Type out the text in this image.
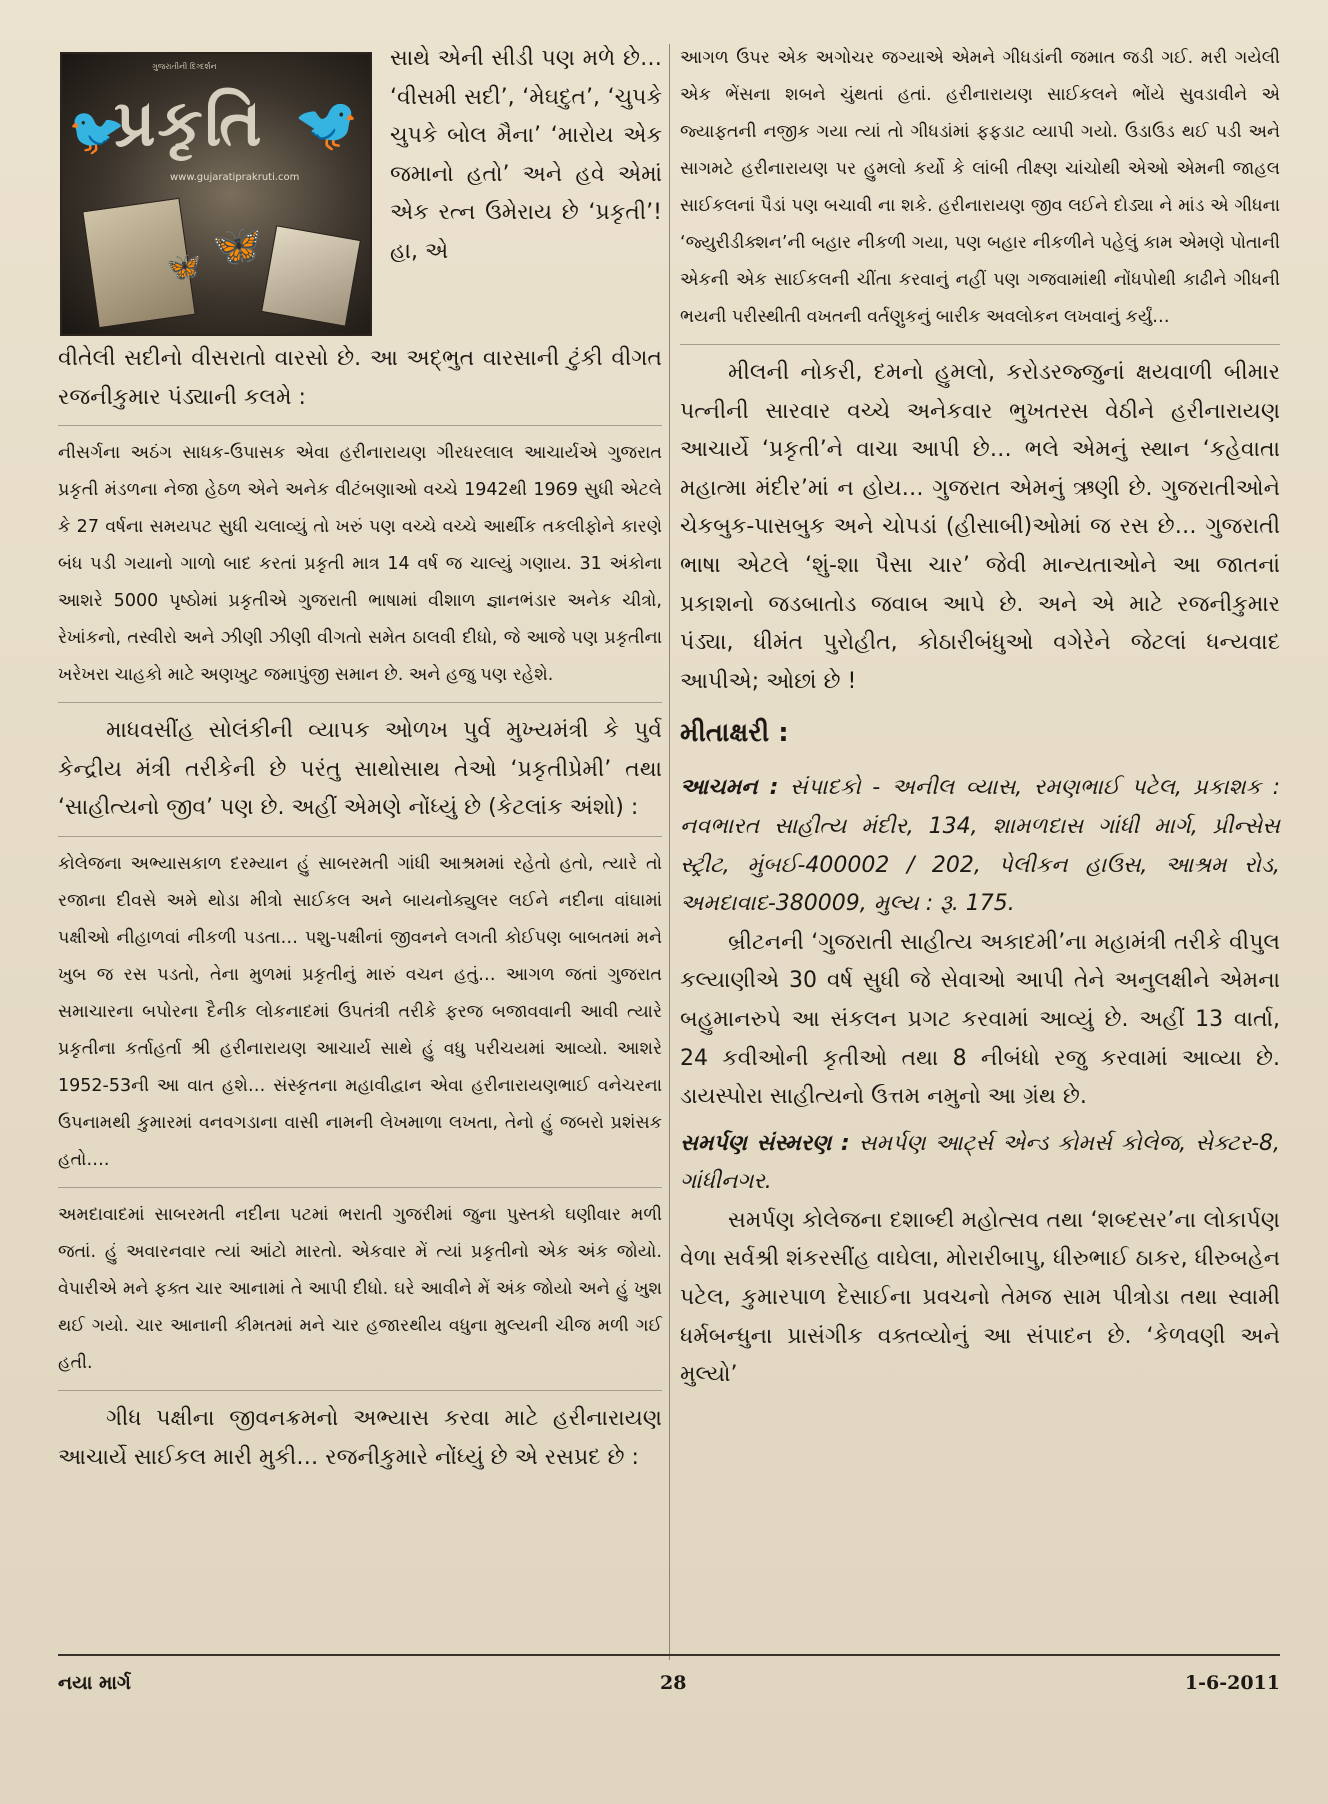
ગુજરાતીની દિગ્દર્શન
🐦	🐦
પ્રકૃતિ
www.gujaratiprakruti.com
🦋
🦋

સાથે એની સીડી પણ મળે છે… ‘વીસમી સદી’, ‘મેઘદુત’, ‘ચુપકે ચુપકે બોલ મૈના’ ‘મારોય એક જમાનો હતો’ અને હવે એમાં એક રત્ન ઉમેરાય છે ‘પ્રકૃતી’! હા, એ

વીતેલી સદીનો વીસરાતો વારસો છે. આ અદ્ભુત વારસાની ટુંકી વીગત રજનીકુમાર પંડ્યાની કલમે :

નીસર્ગના અઠંગ સાધક-ઉપાસક એવા હરીનારાયણ ગીરધરલાલ આચાર્યએ ગુજરાત પ્રકૃતી મંડળના નેજા હેઠળ એને અનેક વીટંબણાઓ વચ્ચે 1942થી 1969 સુધી એટલે કે 27 વર્ષના સમયપટ સુધી ચલાવ્યું તો ખરું પણ વચ્ચે વચ્ચે આર્થીક તકલીફોને કારણે બંધ પડી ગયાનો ગાળો બાદ કરતાં પ્રકૃતી માત્ર 14 વર્ષ જ ચાલ્યું ગણાય. 31 અંકોના આશરે 5000 પૃષ્ઠોમાં પ્રકૃતીએ ગુજરાતી ભાષામાં વીશાળ જ્ઞાનભંડાર અનેક ચીત્રો, રેખાંકનો, તસ્વીરો અને ઝીણી ઝીણી વીગતો સમેત ઠાલવી દીધો, જે આજે પણ પ્રકૃતીના ખરેખરા ચાહકો માટે અણખુટ જમાપુંજી સમાન છે. અને હજુ પણ રહેશે.

માધવસીંહ સોલંકીની વ્યાપક ઓળખ પુર્વ મુખ્યમંત્રી કે પુર્વ કેન્દ્રીય મંત્રી તરીકેની છે પરંતુ સાથોસાથ તેઓ ‘પ્રકૃતીપ્રેમી’ તથા ‘સાહીત્યનો જીવ’ પણ છે. અહીં એમણે નોંધ્યું છે (કેટલાંક અંશો) :

કોલેજના અભ્યાસકાળ દરમ્યાન હું સાબરમતી ગાંધી આશ્રમમાં રહેતો હતો, ત્યારે તો રજાના દીવસે અમે થોડા મીત્રો સાઈકલ અને બાયનોક્યુલર લઈને નદીના વાંઘામાં પક્ષીઓ નીહાળવાં નીકળી પડતા… પશુ-પક્ષીનાં જીવનને લગતી કોઈપણ બાબતમાં મને ખુબ જ રસ પડતો, તેના મુળમાં પ્રકૃતીનું મારું વચન હતું… આગળ જતાં ગુજરાત સમાચારના બપોરના દૈનીક લોકનાદમાં ઉપતંત્રી તરીકે ફરજ બજાવવાની આવી ત્યારે પ્રકૃતીના કર્તાહર્તા શ્રી હરીનારાયણ આચાર્ય સાથે હું વધુ પરીચયમાં આવ્યો. આશરે 1952-53ની આ વાત હશે… સંસ્કૃતના મહાવીદ્વાન એવા હરીનારાયણભાઈ વનેચરના ઉપનામથી કુમારમાં વનવગડાના વાસી નામની લેખમાળા લખતા, તેનો હું જબરો પ્રશંસક હતો….

અમદાવાદમાં સાબરમતી નદીના પટમાં ભરાતી ગુજરીમાં જુના પુસ્તકો ઘણીવાર મળી જતાં. હું અવારનવાર ત્યાં આંટો મારતો. એકવાર મેં ત્યાં પ્રકૃતીનો એક અંક જોયો. વેપારીએ મને ફક્ત ચાર આનામાં તે આપી દીધો. ઘરે આવીને મેં અંક જોયો અને હું ખુશ થઈ ગયો. ચાર આનાની કીમતમાં મને ચાર હજારથીય વધુના મુલ્યની ચીજ મળી ગઈ હતી.

ગીધ પક્ષીના જીવનક્રમનો અભ્યાસ કરવા માટે હરીનારાયણ આચાર્યે સાઈકલ મારી મુકી… રજનીકુમારે નોંધ્યું છે એ રસપ્રદ છે :

આગળ ઉપર એક અગોચર જગ્યાએ એમને ગીધડાંની જમાત જડી ગઈ. મરી ગયેલી એક ભેંસના શબને ચુંથતાં હતાં. હરીનારાયણ સાઈકલને ભોંયે સુવડાવીને એ જ્યાફતની નજીક ગયા ત્યાં તો ગીધડાંમાં ફફડાટ વ્યાપી ગયો. ઉડાઉડ થઈ પડી અને સાગમટે હરીનારાયણ પર હુમલો કર્યો કે લાંબી તીક્ષ્ણ ચાંચોથી એઓ એમની જાહલ સાઈકલનાં પૈડાં પણ બચાવી ના શકે. હરીનારાયણ જીવ લઈને દોડ્યા ને માંડ એ ગીધના ‘જ્યુરીડીક્શન’ની બહાર નીકળી ગયા, પણ બહાર નીકળીને પહેલું કામ એમણે પોતાની એકની એક સાઈકલની ચીંતા કરવાનું નહીં પણ ગજવામાંથી નોંધપોથી કાઢીને ગીધની ભયની પરીસ્થીતી વખતની વર્તણુકનું બારીક અવલોકન લખવાનું કર્યું…

મીલની નોકરી, દમનો હુમલો, કરોડરજ્જુનાં ક્ષયવાળી બીમાર પત્નીની સારવાર વચ્ચે અનેકવાર ભુખતરસ વેઠીને હરીનારાયણ આચાર્યે ‘પ્રકૃતી’ને વાચા આપી છે… ભલે એમનું સ્થાન ‘કહેવાતા મહાત્મા મંદીર’માં ન હોય… ગુજરાત એમનું ઋણી છે. ગુજરાતીઓને ચેકબુક-પાસબુક અને ચોપડાં (હીસાબી)ઓમાં જ રસ છે… ગુજરાતી ભાષા એટલે ‘શું-શા પૈસા ચાર’ જેવી માન્યતાઓને આ જાતનાં પ્રકાશનો જડબાતોડ જવાબ આપે છે. અને એ માટે રજનીકુમાર પંડ્યા, ધીમંત પુરોહીત, કોઠારીબંધુઓ વગેરેને જેટલાં ધન્યવાદ આપીએ; ઓછાં છે !

મીતાક્ષરી :

આચમન : સંપાદકો - અનીલ વ્યાસ, રમણભાઈ પટેલ, પ્રકાશક : નવભારત સાહીત્ય મંદીર, 134, શામળદાસ ગાંધી માર્ગ, પ્રીન્સેસ સ્ટ્રીટ, મુંબઈ-400002 / 202, પેલીકન હાઉસ, આશ્રમ રોડ, અમદાવાદ-380009, મુલ્ય : રૂ. 175.

બ્રીટનની ‘ગુજરાતી સાહીત્ય અકાદમી’ના મહામંત્રી તરીકે વીપુલ કલ્યાણીએ 30 વર્ષ સુધી જે સેવાઓ આપી તેને અનુલક્ષીને એમના બહુમાનરુપે આ સંકલન પ્રગટ કરવામાં આવ્યું છે. અહીં 13 વાર્તા, 24 કવીઓની કૃતીઓ તથા 8 નીબંધો રજુ કરવામાં આવ્યા છે. ડાયસ્પોરા સાહીત્યનો ઉત્તમ નમુનો આ ગ્રંથ છે.

સમર્પણ સંસ્મરણ : સમર્પણ આર્ટ્સ એન્ડ કોમર્સ કોલેજ, સેક્ટર-8, ગાંધીનગર.

સમર્પણ કોલેજના દશાબ્દી મહોત્સવ તથા ‘શબ્દસર’ના લોકાર્પણ વેળા સર્વશ્રી શંકરસીંહ વાઘેલા, મોરારીબાપુ, ધીરુભાઈ ઠાકર, ધીરુબહેન પટેલ, કુમારપાળ દેસાઈના પ્રવચનો તેમજ સામ પીત્રોડા તથા સ્વામી ધર્મબન્ધુના પ્રાસંગીક વક્તવ્યોનું આ સંપાદન છે. ‘કેળવણી અને મુલ્યો’

નયા માર્ગ	28	1-6-2011
